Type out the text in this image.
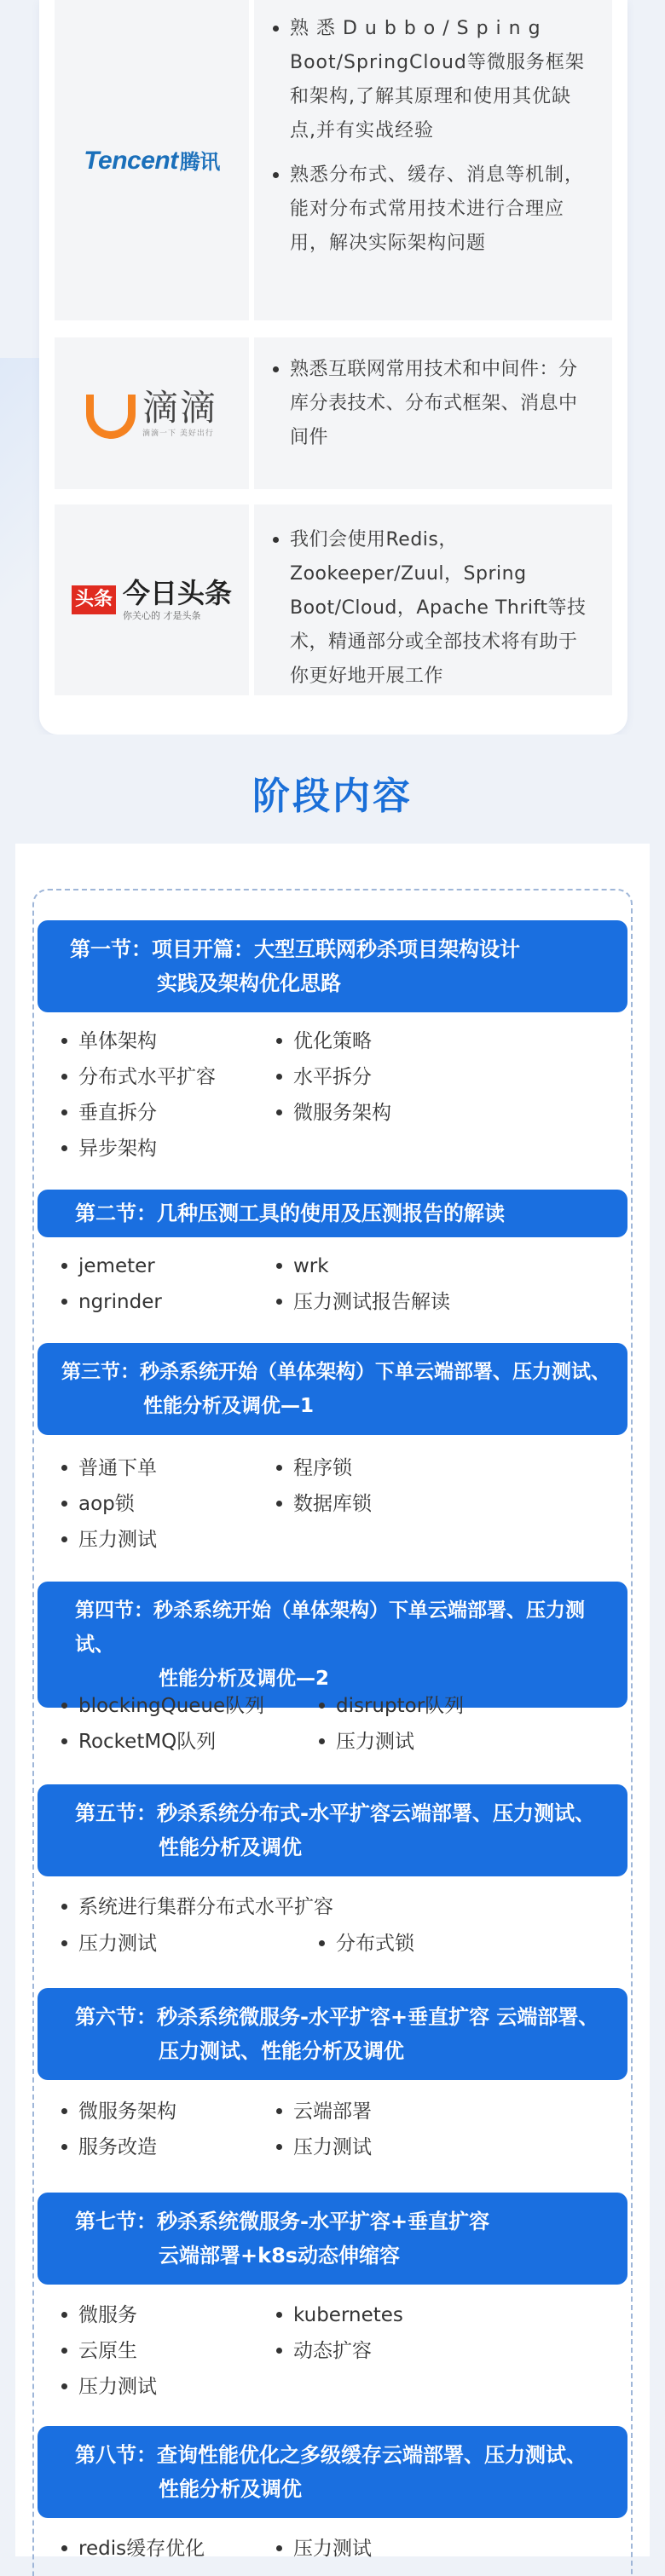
Tencent腾讯
熟 悉 D u b b o / S p i n g Boot/SpringCloud等微服务框架和架构,了解其原理和使用其优缺点,并有实战经验
熟悉分布式、缓存、消息等机制，能对分布式常用技术进行合理应用，解决实际架构问题
滴滴
滴滴一下 美好出行
熟悉互联网常用技术和中间件：分库分表技术、分布式框架、消息中间件
头条 今日头条
你关心的 才是头条
我们会使用Redis，Zookeeper/Zuul，Spring Boot/Cloud，Apache Thrift等技术，精通部分或全部技术将有助于你更好地开展工作
阶段内容
第一节：项目开篇：大型互联网秒杀项目架构设计
实践及架构优化思路
单体架构
分布式水平扩容
垂直拆分
异步架构
优化策略
水平拆分
微服务架构
第二节：几种压测工具的使用及压测报告的解读
jemeter
ngrinder
wrk
压力测试报告解读
第三节：秒杀系统开始（单体架构）下单云端部署、压力测试、
性能分析及调优—1
普通下单
aop锁
压力测试
程序锁
数据库锁
第四节：秒杀系统开始（单体架构）下单云端部署、压力测试、
性能分析及调优—2
blockingQueue队列
RocketMQ队列
disruptor队列
压力测试
第五节：秒杀系统分布式-水平扩容云端部署、压力测试、
性能分析及调优
系统进行集群分布式水平扩容
压力测试	分布式锁
第六节：秒杀系统微服务-水平扩容+垂直扩容 云端部署、
压力测试、性能分析及调优
微服务架构
服务改造
云端部署
压力测试
第七节：秒杀系统微服务-水平扩容+垂直扩容
云端部署+k8s动态伸缩容
微服务
云原生
压力测试
kubernetes
动态扩容
第八节：查询性能优化之多级缓存云端部署、压力测试、
性能分析及调优
redis缓存优化	压力测试
